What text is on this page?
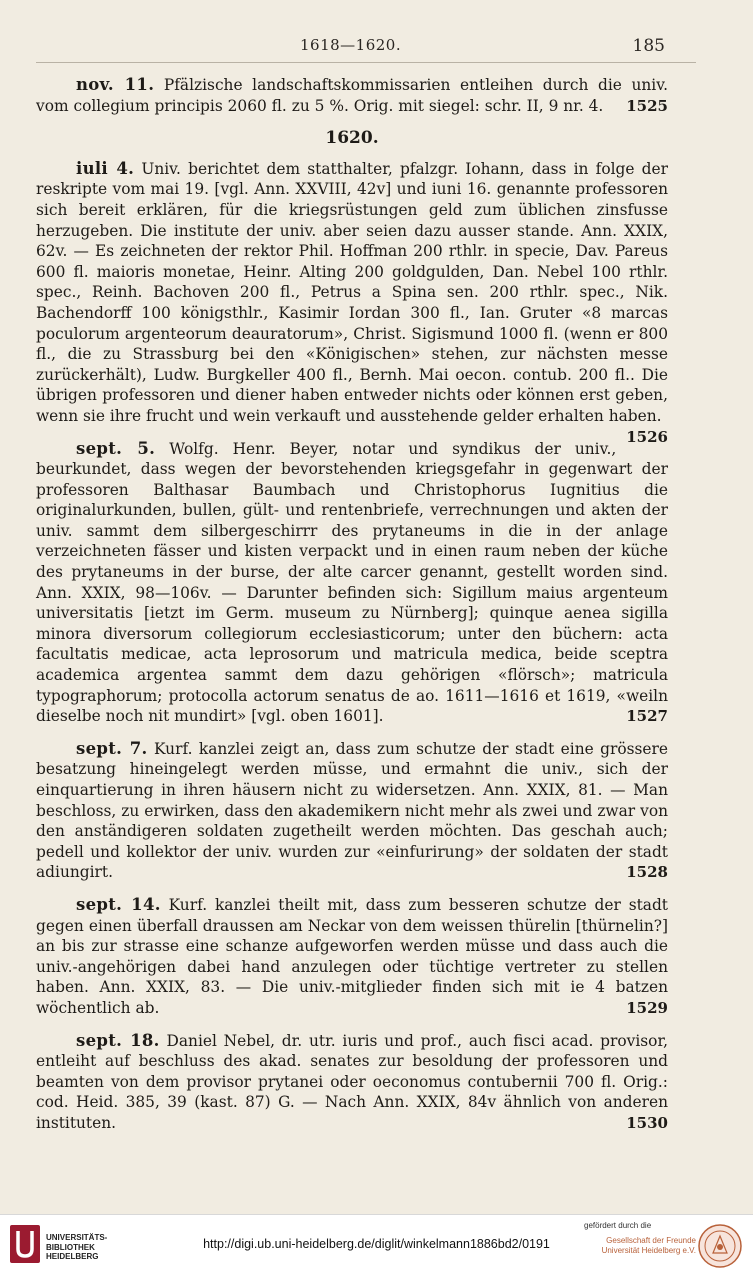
1618—1620.	185

nov. 11. Pfälzische landschaftskommissarien entleihen durch die univ. vom collegium principis 2060 fl. zu 5 %. Orig. mit siegel: schr. II, 9 nr. 4. 1525

1620.

iuli 4. Univ. berichtet dem statthalter, pfalzgr. Iohann, dass in folge der reskripte vom mai 19. [vgl. Ann. XXVIII, 42v] und iuni 16. genannte professoren sich bereit erklären, für die kriegsrüstungen geld zum üblichen zinsfusse herzugeben. Die institute der univ. aber seien dazu ausser stande. Ann. XXIX, 62v. — Es zeichneten der rektor Phil. Hoffman 200 rthlr. in specie, Dav. Pareus 600 fl. maioris monetae, Heinr. Alting 200 goldgulden, Dan. Nebel 100 rthlr. spec., Reinh. Bachoven 200 fl., Petrus a Spina sen. 200 rthlr. spec., Nik. Bachendorff 100 königsthlr., Kasimir Iordan 300 fl., Ian. Gruter «8 marcas poculorum argenteorum deauratorum», Christ. Sigismund 1000 fl. (wenn er 800 fl., die zu Strassburg bei den «Königischen» stehen, zur nächsten messe zurückerhält), Ludw. Burgkeller 400 fl., Bernh. Mai oecon. contub. 200 fl.. Die übrigen professoren und diener haben entweder nichts oder können erst geben, wenn sie ihre frucht und wein verkauft und ausstehende gelder erhalten haben.
1526

sept. 5. Wolfg. Henr. Beyer, notar und syndikus der univ., beurkundet, dass wegen der bevorstehenden kriegsgefahr in gegenwart der professoren Balthasar Baumbach und Christophorus Iugnitius die originalurkunden, bullen, gült- und rentenbriefe, verrechnungen und akten der univ. sammt dem silbergeschirrr des prytaneums in die in der anlage verzeichneten fässer und kisten verpackt und in einen raum neben der küche des prytaneums in der burse, der alte carcer genannt, gestellt worden sind. Ann. XXIX, 98—106v. — Darunter befinden sich: Sigillum maius argenteum universitatis [ietzt im Germ. museum zu Nürnberg]; quinque aenea sigilla minora diversorum collegiorum ecclesiasticorum; unter den büchern: acta facultatis medicae, acta leprosorum und matricula medica, beide sceptra academica argentea sammt dem dazu gehörigen «flörsch»; matricula typographorum; protocolla actorum senatus de ao. 1611—1616 et 1619, «weiln dieselbe noch nit mundirt» [vgl. oben 1601].	1527

sept. 7. Kurf. kanzlei zeigt an, dass zum schutze der stadt eine grössere besatzung hineingelegt werden müsse, und ermahnt die univ., sich der einquartierung in ihren häusern nicht zu widersetzen. Ann. XXIX, 81. — Man beschloss, zu erwirken, dass den akademikern nicht mehr als zwei und zwar von den anständigeren soldaten zugetheilt werden möchten. Das geschah auch; pedell und kollektor der univ. wurden zur «einfurirung» der soldaten der stadt adiungirt.	1528

sept. 14. Kurf. kanzlei theilt mit, dass zum besseren schutze der stadt gegen einen überfall draussen am Neckar von dem weissen thürelin [thürnelin?] an bis zur strasse eine schanze aufgeworfen werden müsse und dass auch die univ.-angehörigen dabei hand anzulegen oder tüchtige vertreter zu stellen haben. Ann. XXIX, 83. — Die univ.-mitglieder finden sich mit ie 4 batzen wöchentlich ab.	1529

sept. 18. Daniel Nebel, dr. utr. iuris und prof., auch fisci acad. provisor, entleiht auf beschluss des akad. senates zur besoldung der professoren und beamten von dem provisor prytanei oder oeconomus contubernii 700 fl. Orig.: cod. Heid. 385, 39 (kast. 87) G. — Nach Ann. XXIX, 84v ähnlich von anderen instituten.	1530

UNIVERSITÄTS-
BIBLIOTHEK
HEIDELBERG
http://digi.ub.uni-heidelberg.de/diglit/winkelmann1886bd2/0191
gefördert durch die
Gesellschaft der Freunde
Universität Heidelberg e.V.
